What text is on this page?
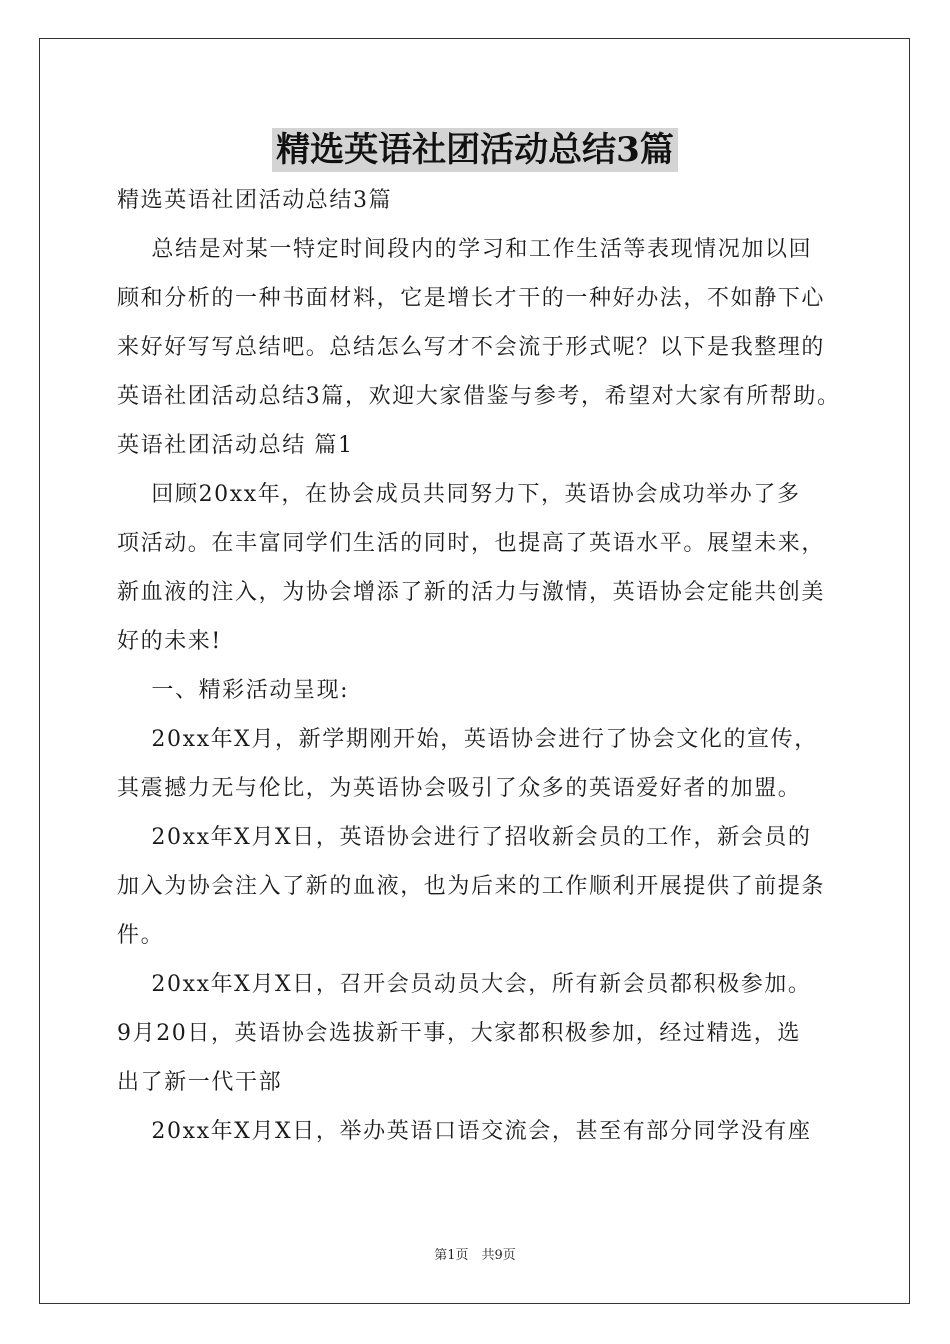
精选英语社团活动总结3篇

精选英语社团活动总结3篇

总结是对某一特定时间段内的学习和工作生活等表现情况加以回

顾和分析的一种书面材料，它是增长才干的一种好办法，不如静下心

来好好写写总结吧。总结怎么写才不会流于形式呢？以下是我整理的

英语社团活动总结3篇，欢迎大家借鉴与参考，希望对大家有所帮助。

英语社团活动总结 篇1

回顾20xx年，在协会成员共同努力下，英语协会成功举办了多

项活动。在丰富同学们生活的同时，也提高了英语水平。展望未来，

新血液的注入，为协会增添了新的活力与激情，英语协会定能共创美

好的未来!

一、精彩活动呈现:

20xx年X月，新学期刚开始，英语协会进行了协会文化的宣传，

其震撼力无与伦比，为英语协会吸引了众多的英语爱好者的加盟。

20xx年X月X日，英语协会进行了招收新会员的工作，新会员的

加入为协会注入了新的血液，也为后来的工作顺利开展提供了前提条

件。

20xx年X月X日，召开会员动员大会，所有新会员都积极参加。

9月20日，英语协会选拔新干事，大家都积极参加，经过精选，选

出了新一代干部

20xx年X月X日，举办英语口语交流会，甚至有部分同学没有座

第1页　共9页
